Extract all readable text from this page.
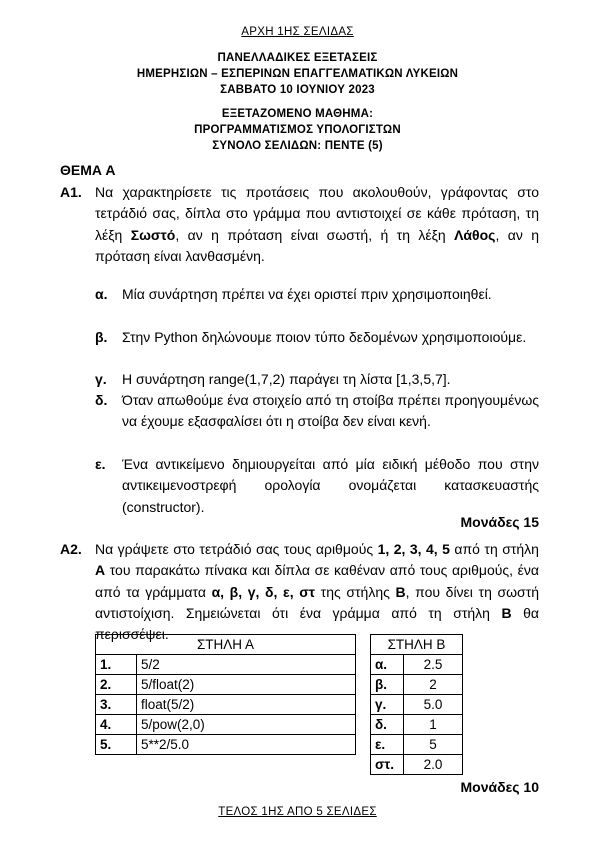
ΑΡΧΗ 1ΗΣ ΣΕΛΙΔΑΣ
ΠΑΝΕΛΛΑΔΙΚΕΣ ΕΞΕΤΑΣΕΙΣ
ΗΜΕΡΗΣΙΩΝ – ΕΣΠΕΡΙΝΩΝ ΕΠΑΓΓΕΛΜΑΤΙΚΩΝ ΛΥΚΕΙΩΝ
ΣΑΒΒΑΤΟ 10 ΙΟΥΝΙΟΥ 2023
ΕΞΕΤΑΖΟΜΕΝΟ ΜΑΘΗΜΑ:
ΠΡΟΓΡΑΜΜΑΤΙΣΜΟΣ ΥΠΟΛΟΓΙΣΤΩΝ
ΣΥΝΟΛΟ ΣΕΛΙΔΩΝ: ΠΕΝΤΕ (5)
ΘΕΜΑ Α
Α1. Να χαρακτηρίσετε τις προτάσεις που ακολουθούν, γράφοντας στο τετράδιό σας, δίπλα στο γράμμα που αντιστοιχεί σε κάθε πρόταση, τη λέξη Σωστό, αν η πρόταση είναι σωστή, ή τη λέξη Λάθος, αν η πρόταση είναι λανθασμένη.
α. Μία συνάρτηση πρέπει να έχει οριστεί πριν χρησιμοποιηθεί.
β. Στην Python δηλώνουμε ποιον τύπο δεδομένων χρησιμοποιούμε.
γ. Η συνάρτηση range(1,7,2) παράγει τη λίστα [1,3,5,7].
δ. Όταν απωθούμε ένα στοιχείο από τη στοίβα πρέπει προηγουμένως να έχουμε εξασφαλίσει ότι η στοίβα δεν είναι κενή.
ε. Ένα αντικείμενο δημιουργείται από μία ειδική μέθοδο που στην αντικειμενοστρεφή ορολογία ονομάζεται κατασκευαστής (constructor).
Μονάδες 15
Α2. Να γράψετε στο τετράδιό σας τους αριθμούς 1, 2, 3, 4, 5 από τη στήλη Α του παρακάτω πίνακα και δίπλα σε καθέναν από τους αριθμούς, ένα από τα γράμματα α, β, γ, δ, ε, στ της στήλης Β, που δίνει τη σωστή αντιστοίχιση. Σημειώνεται ότι ένα γράμμα από τη στήλη Β θα περισσέψει.
ΣΤΗΛΗ Α			ΣΤΗΛΗ Β	
1.	5/2		α.	2.5
2.	5/float(2)		β.	2
3.	float(5/2)		γ.	5.0
4.	5/pow(2,0)		δ.	1
5.	5**2/5.0		ε.	5
			στ.	2.0
Μονάδες 10
ΤΕΛΟΣ 1ΗΣ ΑΠΟ 5 ΣΕΛΙΔΕΣ
